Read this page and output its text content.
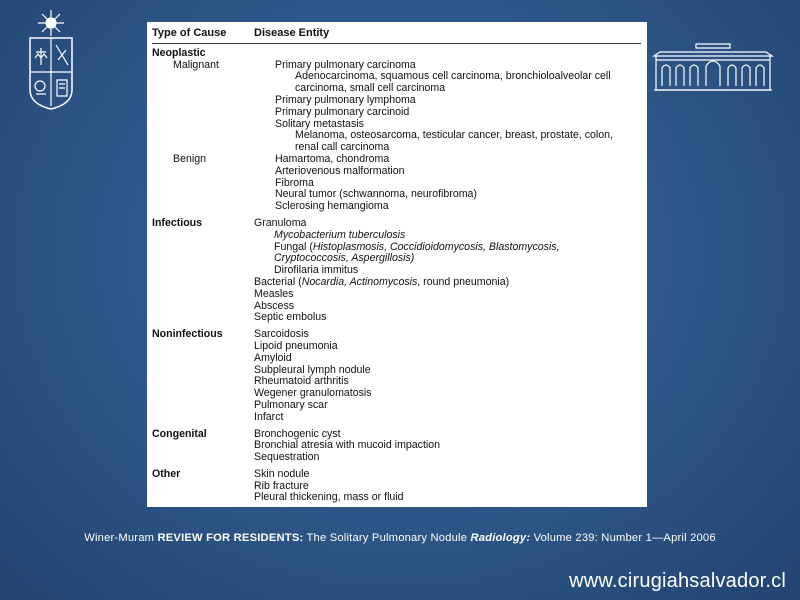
Type of Cause	Disease Entity
Neoplastic
Malignant	Primary pulmonary carcinoma
Adenocarcinoma, squamous cell carcinoma, bronchioloalveolar cell
carcinoma, small cell carcinoma
Primary pulmonary lymphoma
Primary pulmonary carcinoid
Solitary metastasis
Melanoma, osteosarcoma, testicular cancer, breast, prostate, colon,
renal call carcinoma
Benign	Hamartoma, chondroma
Arteriovenous malformation
Fibroma
Neural tumor (schwannoma, neurofibroma)
Sclerosing hemangioma
Infectious	Granuloma
Mycobacterium tuberculosis
Fungal (Histoplasmosis, Coccidioidomycosis, Blastomycosis,
Cryptococcosis, Aspergillosis)
Dirofilaria immitus
Bacterial (Nocardia, Actinomycosis, round pneumonia)
Measles
Abscess
Septic embolus
Noninfectious	Sarcoidosis
Lipoid pneumonia
Amyloid
Subpleural lymph nodule
Rheumatoid arthritis
Wegener granulomatosis
Pulmonary scar
Infarct
Congenital	Bronchogenic cyst
Bronchial atresia with mucoid impaction
Sequestration
Other	Skin nodule
Rib fracture
Pleural thickening, mass or fluid
Winer-Muram REVIEW FOR RESIDENTS: The Solitary Pulmonary Nodule Radiology: Volume 239: Number 1—April 2006
www.cirugiahsalvador.cl
